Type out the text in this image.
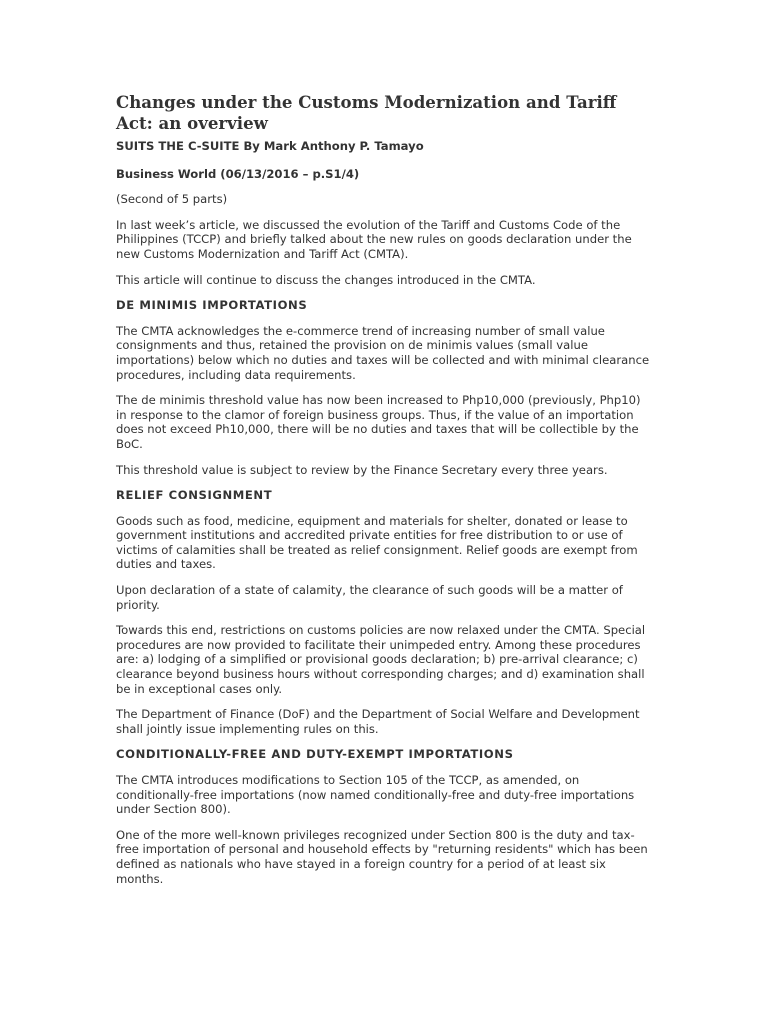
Changes under the Customs Modernization and Tariff Act: an overview
SUITS THE C-SUITE By Mark Anthony P. Tamayo
Business World (06/13/2016 – p.S1/4)

(Second of 5 parts)

In last week’s article, we discussed the evolution of the Tariff and Customs Code of the Philippines (TCCP) and briefly talked about the new rules on goods declaration under the new Customs Modernization and Tariff Act (CMTA).

This article will continue to discuss the changes introduced in the CMTA.

DE MINIMIS IMPORTATIONS

The CMTA acknowledges the e-commerce trend of increasing number of small value consignments and thus, retained the provision on de minimis values (small value importations) below which no duties and taxes will be collected and with minimal clearance procedures, including data requirements.

The de minimis threshold value has now been increased to Php10,000 (previously, Php10) in response to the clamor of foreign business groups. Thus, if the value of an importation does not exceed Ph10,000, there will be no duties and taxes that will be collectible by the BoC.

This threshold value is subject to review by the Finance Secretary every three years.

RELIEF CONSIGNMENT

Goods such as food, medicine, equipment and materials for shelter, donated or lease to government institutions and accredited private entities for free distribution to or use of victims of calamities shall be treated as relief consignment. Relief goods are exempt from duties and taxes.

Upon declaration of a state of calamity, the clearance of such goods will be a matter of priority.

Towards this end, restrictions on customs policies are now relaxed under the CMTA. Special procedures are now provided to facilitate their unimpeded entry. Among these procedures are: a) lodging of a simplified or provisional goods declaration; b) pre-arrival clearance; c) clearance beyond business hours without corresponding charges; and d) examination shall be in exceptional cases only.

The Department of Finance (DoF) and the Department of Social Welfare and Development shall jointly issue implementing rules on this.

CONDITIONALLY-FREE AND DUTY-EXEMPT IMPORTATIONS

The CMTA introduces modifications to Section 105 of the TCCP, as amended, on conditionally-free importations (now named conditionally-free and duty-free importations under Section 800).

One of the more well-known privileges recognized under Section 800 is the duty and tax-free importation of personal and household effects by "returning residents" which has been defined as nationals who have stayed in a foreign country for a period of at least six months.
